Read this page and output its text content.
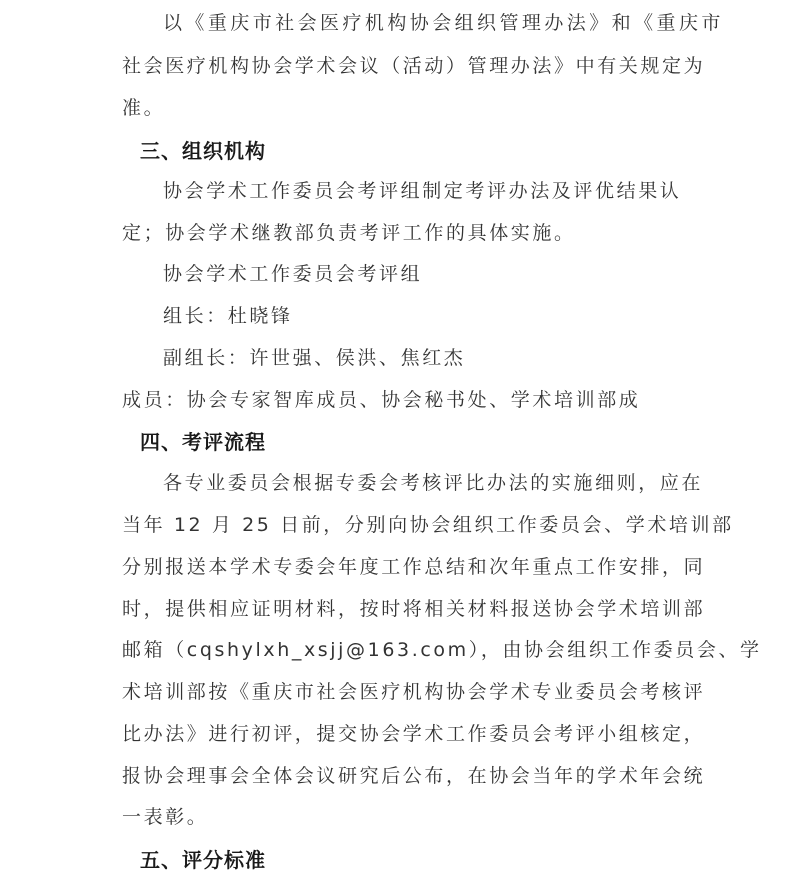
以《重庆市社会医疗机构协会组织管理办法》和《重庆市
社会医疗机构协会学术会议（活动）管理办法》中有关规定为
准。
三、组织机构
协会学术工作委员会考评组制定考评办法及评优结果认
定；协会学术继教部负责考评工作的具体实施。
协会学术工作委员会考评组
组长：杜晓锋
副组长：许世强、侯洪、焦红杰
成员：协会专家智库成员、协会秘书处、学术培训部成
四、考评流程
各专业委员会根据专委会考核评比办法的实施细则，应在
当年 12 月 25 日前，分别向协会组织工作委员会、学术培训部
分别报送本学术专委会年度工作总结和次年重点工作安排，同
时，提供相应证明材料，按时将相关材料报送协会学术培训部
邮箱（cqshylxh_xsjj@163.com），由协会组织工作委员会、学
术培训部按《重庆市社会医疗机构协会学术专业委员会考核评
比办法》进行初评，提交协会学术工作委员会考评小组核定，
报协会理事会全体会议研究后公布，在协会当年的学术年会统
一表彰。
五、评分标准
